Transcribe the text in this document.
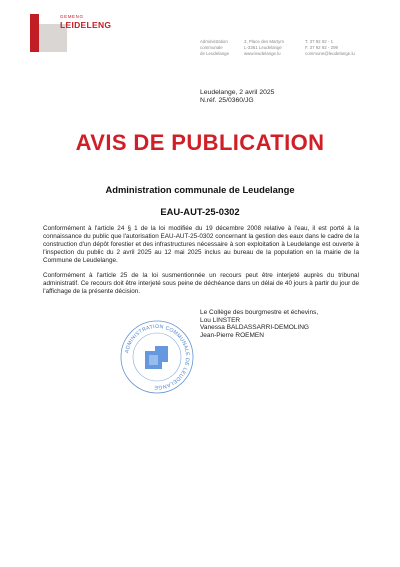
GEMENG
LEIDELENG
Administration
communale
de Leudelange
3, Place des Martyrs
L-3361 Leudelange
www.leudelange.lu
T. 37 92 92 - 1
F. 37 92 92 - 299
commune@leudelange.lu
Leudelange, 2 avril 2025
N.réf. 25/0360/JG
AVIS DE PUBLICATION
Administration communale de Leudelange
EAU-AUT-25-0302
Conformément à l'article 24 § 1 de la loi modifiée du 19 décembre 2008 relative à l'eau, il est porté à la connaissance du public que l'autorisation EAU-AUT-25-0302 concernant la gestion des eaux dans le cadre de la construction d'un dépôt forestier et des infrastructures nécessaire à son exploitation à Leudelange est ouverte à l'inspection du public du 2 avril 2025 au 12 mai 2025 inclus au bureau de la population en la mairie de la Commune de Leudelange.
Conformément à l'article 25 de la loi susmentionnée un recours peut être interjeté auprès du tribunal administratif. Ce recours doit être interjeté sous peine de déchéance dans un délai de 40 jours à partir du jour de l'affichage de la présente décision.
Le Collège des bourgmestre et échevins,
Lou LINSTER
Vanessa BALDASSARRI-DEMOLING
Jean-Pierre ROEMEN
ADMINISTRATION COMMUNALE DE LEUDELANGE
